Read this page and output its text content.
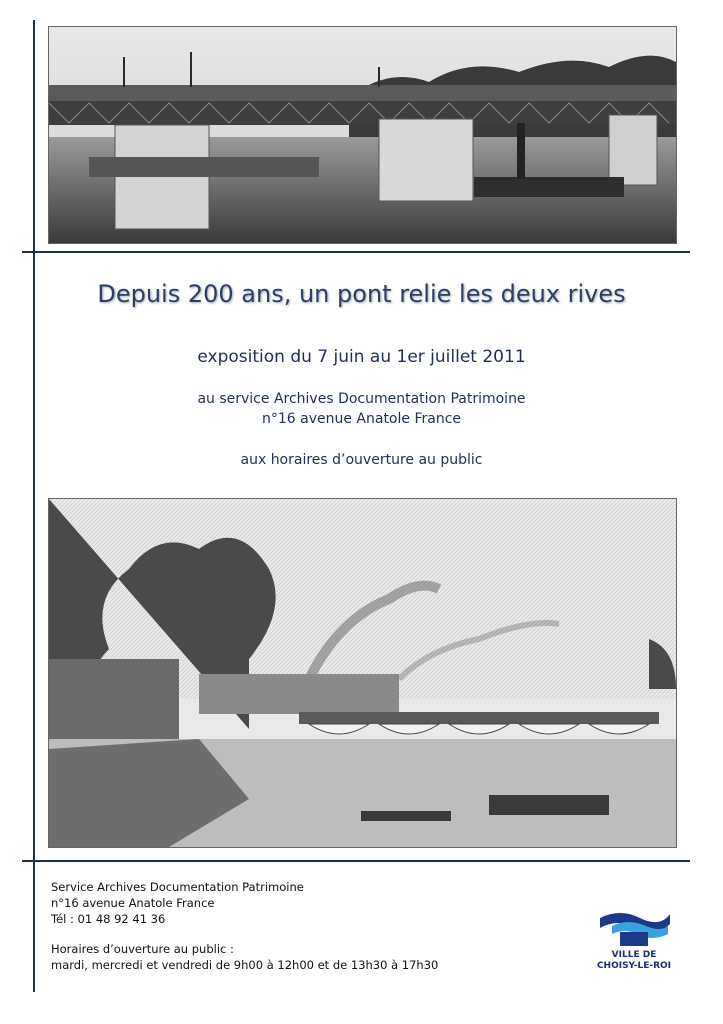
Depuis 200 ans, un pont relie les deux rives
exposition du 7 juin au 1er juillet 2011
au service Archives Documentation Patrimoine
n°16 avenue Anatole France
aux horaires d’ouverture au public
Service Archives Documentation Patrimoine
n°16 avenue Anatole France
Tél : 01 48 92 41 36
Horaires d’ouverture au public :
mardi, mercredi et vendredi de 9h00 à 12h00 et de 13h30 à 17h30
VILLE DE
CHOISY-LE-ROI
